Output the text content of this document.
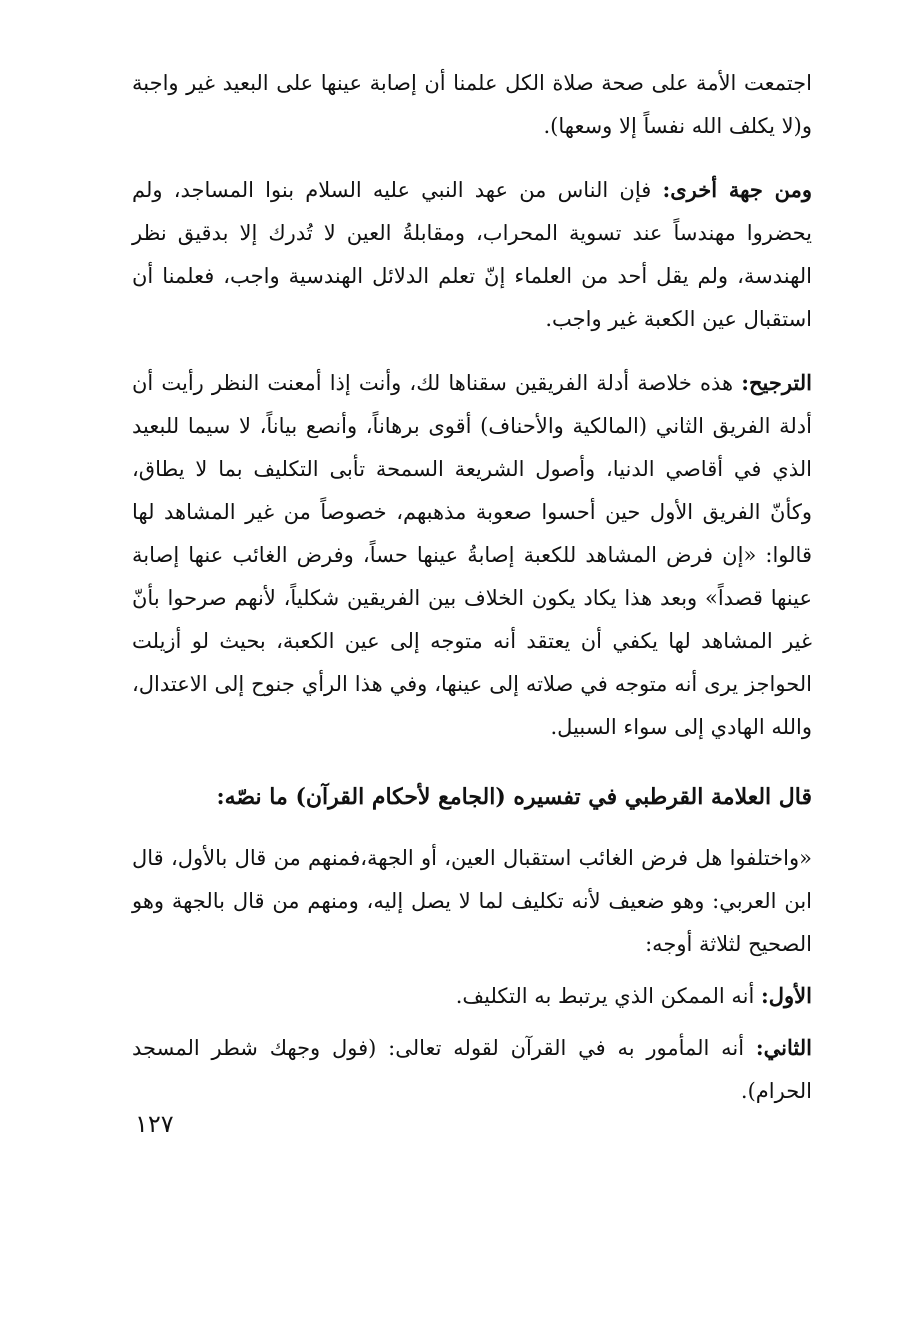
اجتمعت الأمة على صحة صلاة الكل علمنا أن إصابة عينها على البعيد غير واجبة و(لا يكلف الله نفساً إلا وسعها).

ومن جهة أخرى: فإن الناس من عهد النبي عليه السلام بنوا المساجد، ولم يحضروا مهندساً عند تسوية المحراب، ومقابلةُ العين لا تُدرك إلا بدقيق نظر الهندسة، ولم يقل أحد من العلماء إنّ تعلم الدلائل الهندسية واجب، فعلمنا أن استقبال عين الكعبة غير واجب.

الترجيح: هذه خلاصة أدلة الفريقين سقناها لك، وأنت إذا أمعنت النظر رأيت أن أدلة الفريق الثاني (المالكية والأحناف) أقوى برهاناً، وأنصع بياناً، لا سيما للبعيد الذي في أقاصي الدنيا، وأصول الشريعة السمحة تأبى التكليف بما لا يطاق، وكأنّ الفريق الأول حين أحسوا صعوبة مذهبهم، خصوصاً من غير المشاهد لها قالوا: «إن فرض المشاهد للكعبة إصابةُ عينها حساً، وفرض الغائب عنها إصابة عينها قصداً» وبعد هذا يكاد يكون الخلاف بين الفريقين شكلياً، لأنهم صرحوا بأنّ غير المشاهد لها يكفي أن يعتقد أنه متوجه إلى عين الكعبة، بحيث لو أزيلت الحواجز يرى أنه متوجه في صلاته إلى عينها، وفي هذا الرأي جنوح إلى الاعتدال، والله الهادي إلى سواء السبيل.

قال العلامة القرطبي في تفسيره (الجامع لأحكام القرآن) ما نصّه:

«واختلفوا هل فرض الغائب استقبال العين، أو الجهة،فمنهم من قال بالأول، قال ابن العربي: وهو ضعيف لأنه تكليف لما لا يصل إليه، ومنهم من قال بالجهة وهو الصحيح لثلاثة أوجه:

الأول: أنه الممكن الذي يرتبط به التكليف.

الثاني: أنه المأمور به في القرآن لقوله تعالى: (فول وجهك شطر المسجد الحرام).

١٢٧
